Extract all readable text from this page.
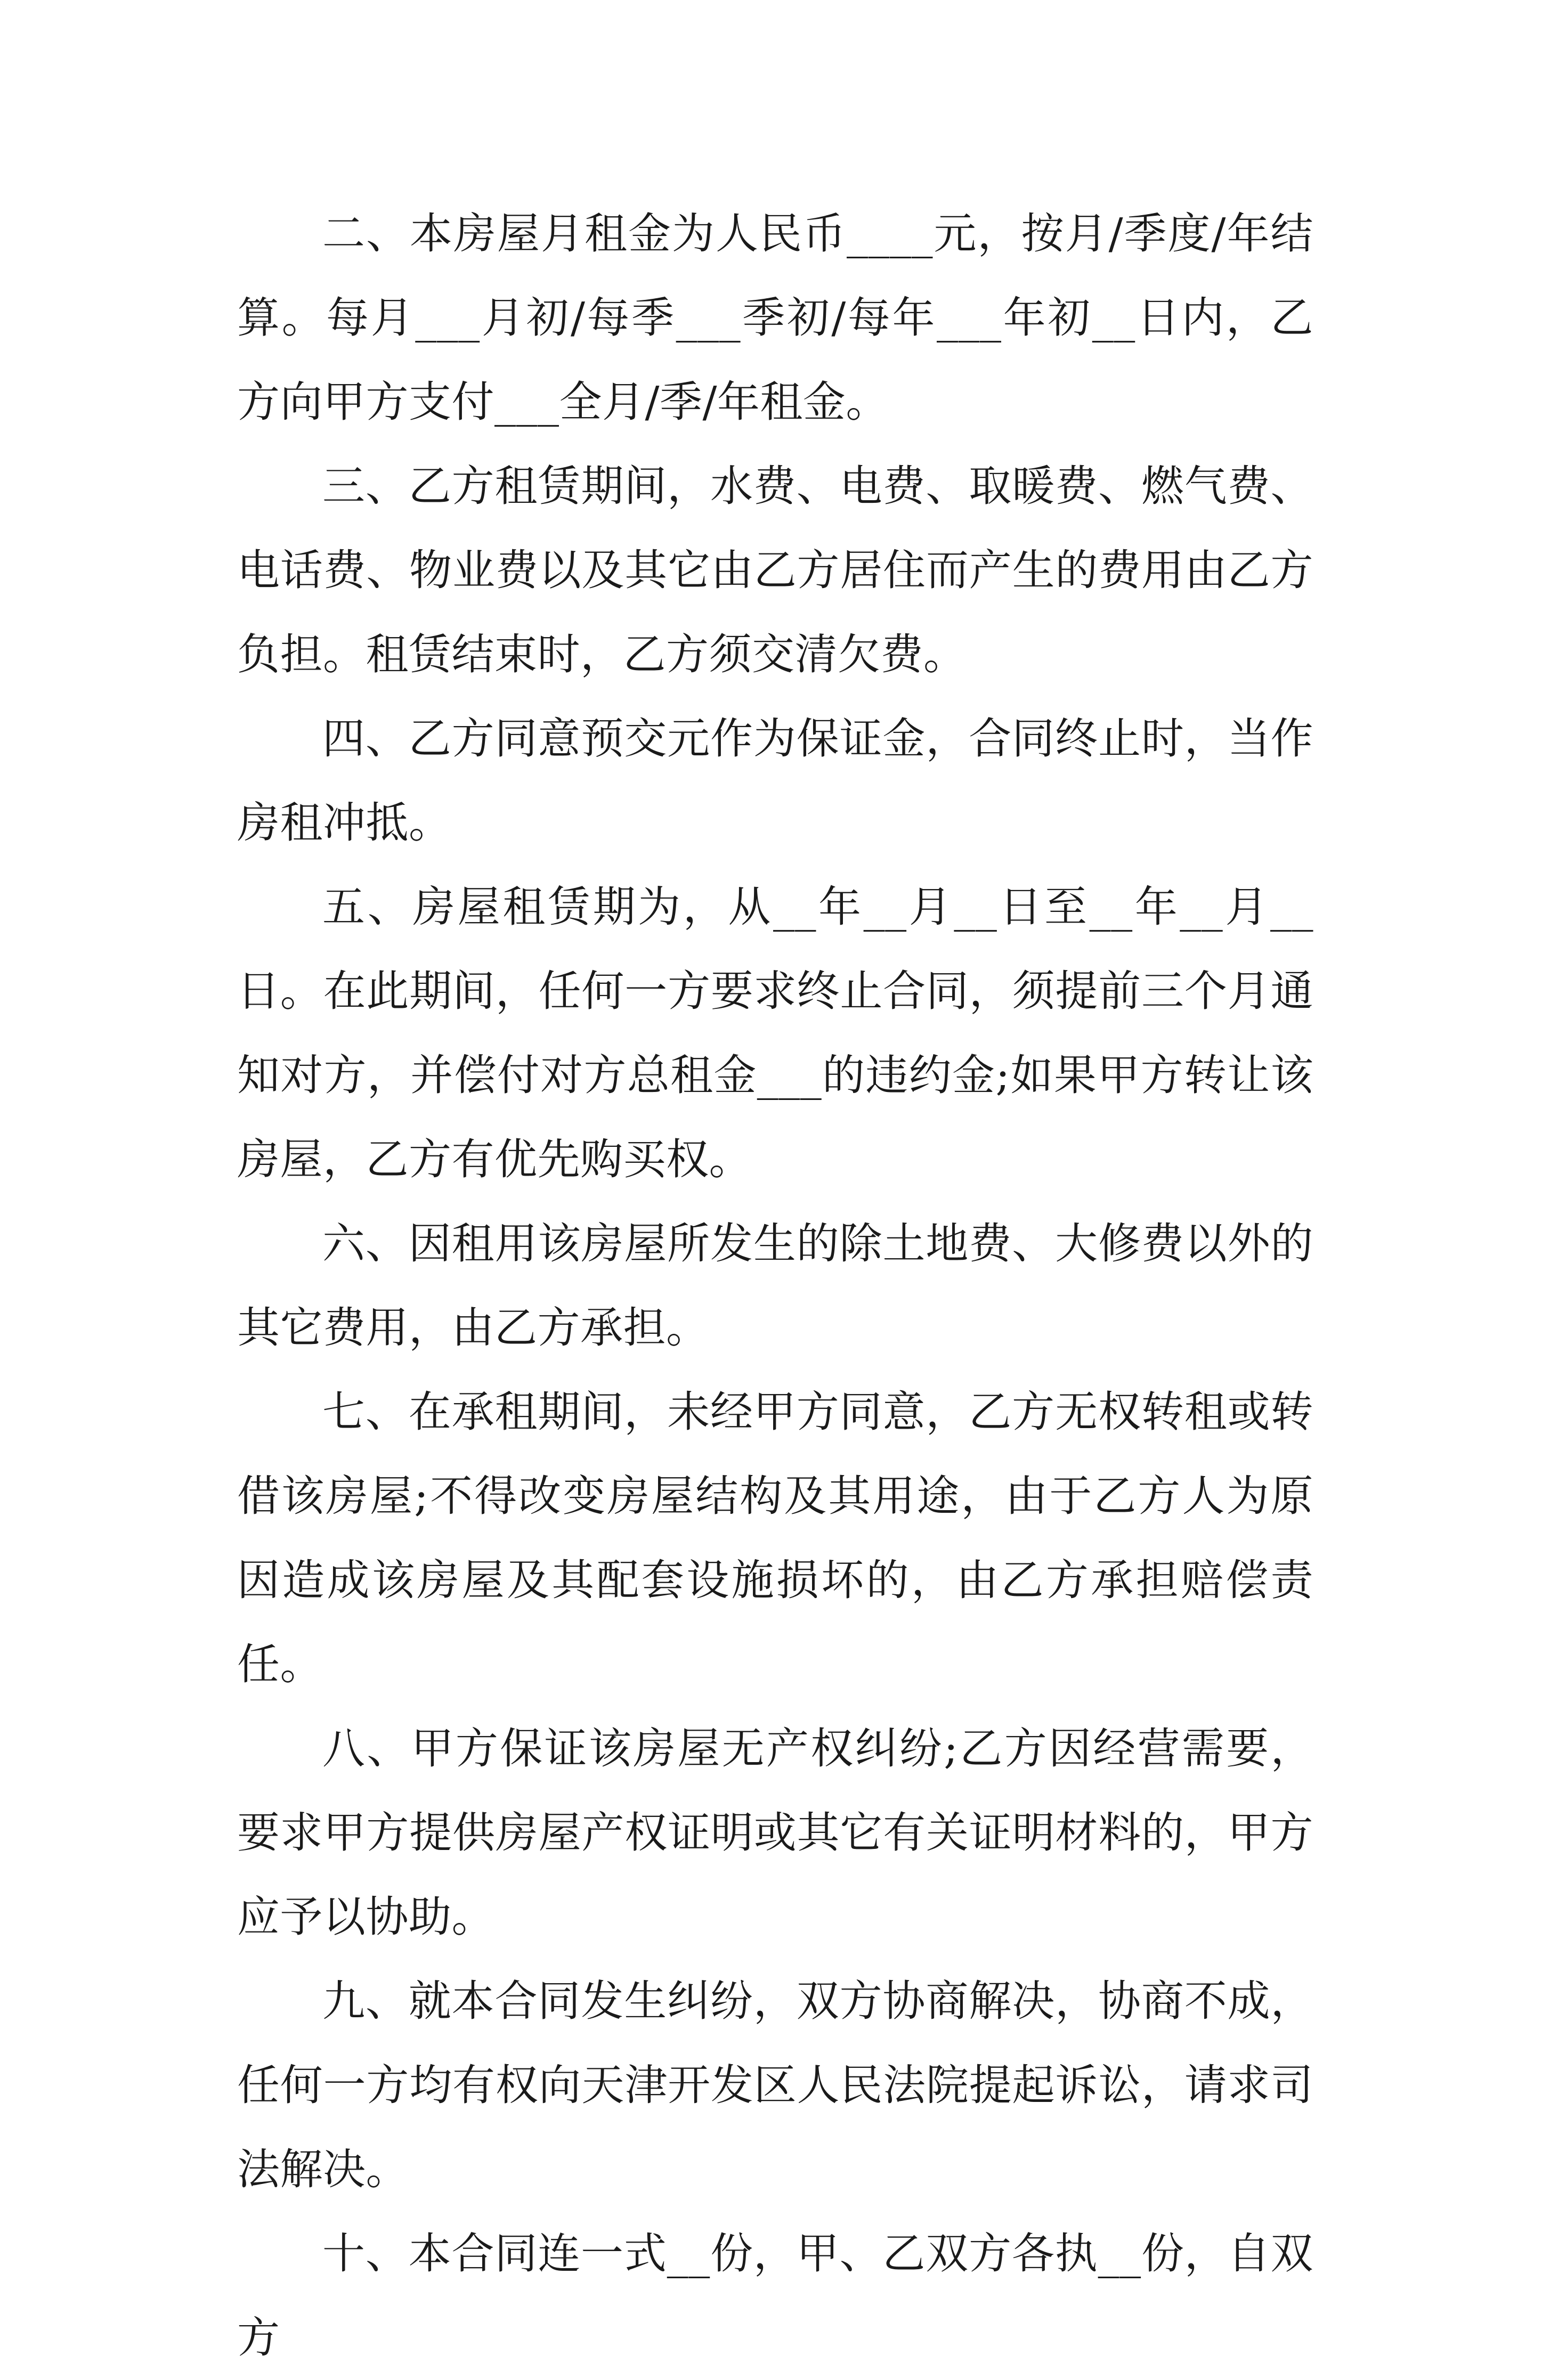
二、本房屋月租金为人民币____元，按月/季度/年结算。每月___月初/每季___季初/每年___年初__日内，乙方向甲方支付___全月/季/年租金。

三、乙方租赁期间，水费、电费、取暖费、燃气费、电话费、物业费以及其它由乙方居住而产生的费用由乙方负担。租赁结束时，乙方须交清欠费。

四、乙方同意预交元作为保证金，合同终止时，当作房租冲抵。

五、房屋租赁期为，从__年__月__日至__年__月__日。在此期间，任何一方要求终止合同，须提前三个月通知对方，并偿付对方总租金___的违约金;如果甲方转让该房屋，乙方有优先购买权。

六、因租用该房屋所发生的除土地费、大修费以外的其它费用，由乙方承担。

七、在承租期间，未经甲方同意，乙方无权转租或转借该房屋;不得改变房屋结构及其用途，由于乙方人为原因造成该房屋及其配套设施损坏的，由乙方承担赔偿责任。

八、甲方保证该房屋无产权纠纷;乙方因经营需要，要求甲方提供房屋产权证明或其它有关证明材料的，甲方应予以协助。

九、就本合同发生纠纷，双方协商解决，协商不成，任何一方均有权向天津开发区人民法院提起诉讼，请求司法解决。

十、本合同连一式__份，甲、乙双方各执__份，自双方
